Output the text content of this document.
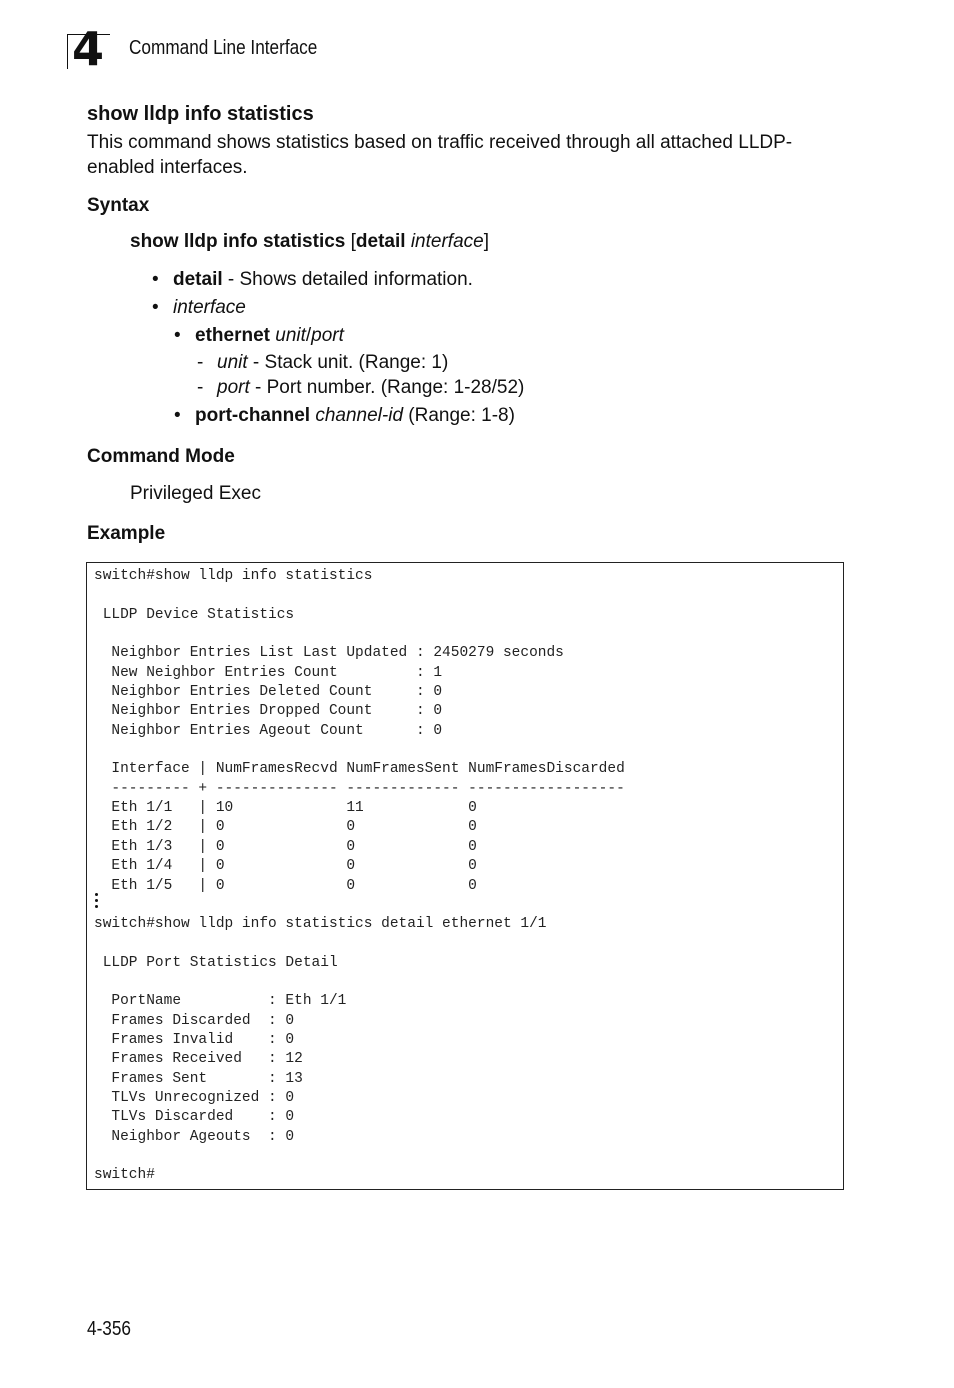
4 Command Line Interface
show lldp info statistics
This command shows statistics based on traffic received through all attached LLDP-enabled interfaces.
Syntax
show lldp info statistics [detail interface]
• detail - Shows detailed information.
• interface
• ethernet unit/port
- unit - Stack unit. (Range: 1)
- port - Port number. (Range: 1-28/52)
• port-channel channel-id (Range: 1-8)
Command Mode
Privileged Exec
Example
switch#show lldp info statistics

LLDP Device Statistics

Neighbor Entries List Last Updated : 2450279 seconds
New Neighbor Entries Count         : 1
Neighbor Entries Deleted Count     : 0
Neighbor Entries Dropped Count     : 0
Neighbor Entries Ageout Count      : 0

Interface | NumFramesRecvd NumFramesSent NumFramesDiscarded
--------- + -------------- ------------- ------------------
Eth 1/1   | 10             11            0
Eth 1/2   | 0              0             0
Eth 1/3   | 0              0             0
Eth 1/4   | 0              0             0
Eth 1/5   | 0              0             0
switch#show lldp info statistics detail ethernet 1/1

LLDP Port Statistics Detail

PortName          : Eth 1/1
Frames Discarded  : 0
Frames Invalid    : 0
Frames Received   : 12
Frames Sent       : 13
TLVs Unrecognized : 0
TLVs Discarded    : 0
Neighbor Ageouts  : 0

switch#
4-356
